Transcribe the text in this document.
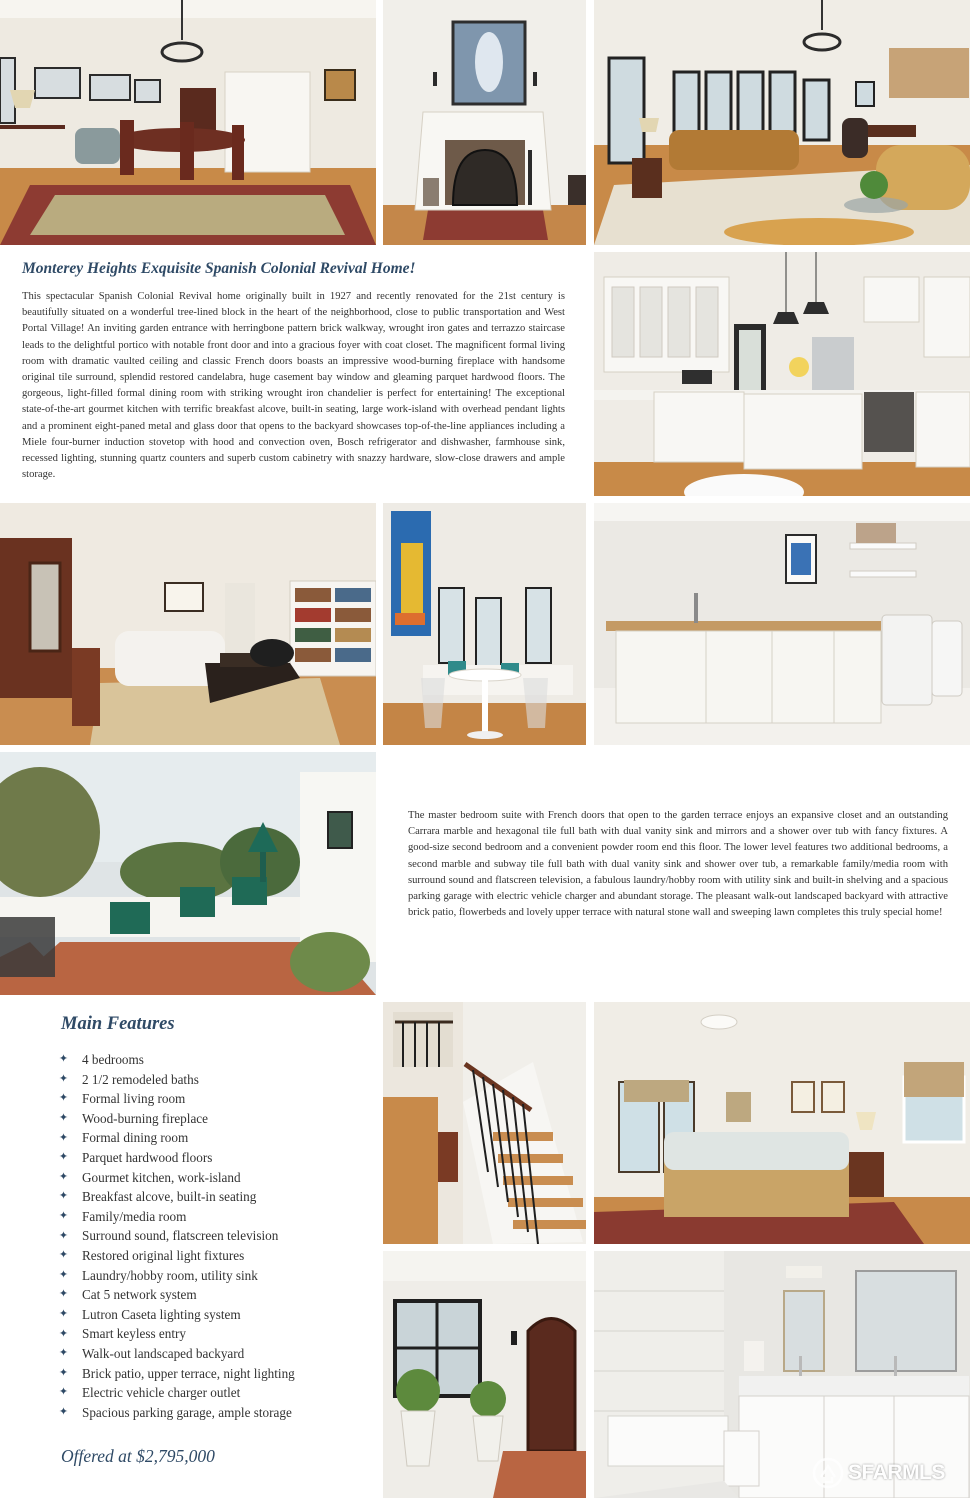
Monterey Heights Exquisite Spanish Colonial Revival Home!

This spectacular Spanish Colonial Revival home originally built in 1927 and recently renovated for the 21st century is beautifully situated on a wonderful tree-lined block in the heart of the neighborhood, close to public transportation and West Portal Village! An inviting garden entrance with herringbone pattern brick walkway, wrought iron gates and terrazzo staircase leads to the delightful portico with notable front door and into a gracious foyer with coat closet. The magnificent formal living room with dramatic vaulted ceiling and classic French doors boasts an impressive wood-burning fireplace with handsome original tile surround, splendid restored candelabra, huge casement bay window and gleaming parquet hardwood floors. The gorgeous, light-filled formal dining room with striking wrought iron chandelier is perfect for entertaining! The exceptional state-of-the-art gourmet kitchen with terrific breakfast alcove, built-in seating, large work-island with overhead pendant lights and a prominent eight-paned metal and glass door that opens to the backyard showcases top-of-the-line appliances including a Miele four-burner induction stovetop with hood and convection oven, Bosch refrigerator and dishwasher, farmhouse sink, recessed lighting, stunning quartz counters and superb custom cabinetry with snazzy hardware, slow-close drawers and ample storage.

The master bedroom suite with French doors that open to the garden terrace enjoys an expansive closet and an outstanding Carrara marble and hexagonal tile full bath with dual vanity sink and mirrors and a shower over tub with fancy fixtures. A good-size second bedroom and a convenient powder room end this floor. The lower level features two additional bedrooms, a second marble and subway tile full bath with dual vanity sink and shower over tub, a remarkable family/media room with surround sound and flatscreen television, a fabulous laundry/hobby room with utility sink and built-in shelving and a spacious parking garage with electric vehicle charger and abundant storage. The pleasant walk-out landscaped backyard with attractive brick patio, flowerbeds and lovely upper terrace with natural stone wall and sweeping lawn completes this truly special home!

Main Features
✦ 4 bedrooms
✦ 2 1/2 remodeled baths
✦ Formal living room
✦ Wood-burning fireplace
✦ Formal dining room
✦ Parquet hardwood floors
✦ Gourmet kitchen, work-island
✦ Breakfast alcove, built-in seating
✦ Family/media room
✦ Surround sound, flatscreen television
✦ Restored original light fixtures
✦ Laundry/hobby room, utility sink
✦ Cat 5 network system
✦ Lutron Caseta lighting system
✦ Smart keyless entry
✦ Walk-out landscaped backyard
✦ Brick patio, upper terrace, night lighting
✦ Electric vehicle charger outlet
✦ Spacious parking garage, ample storage

Offered at $2,795,000

SFARMLS
